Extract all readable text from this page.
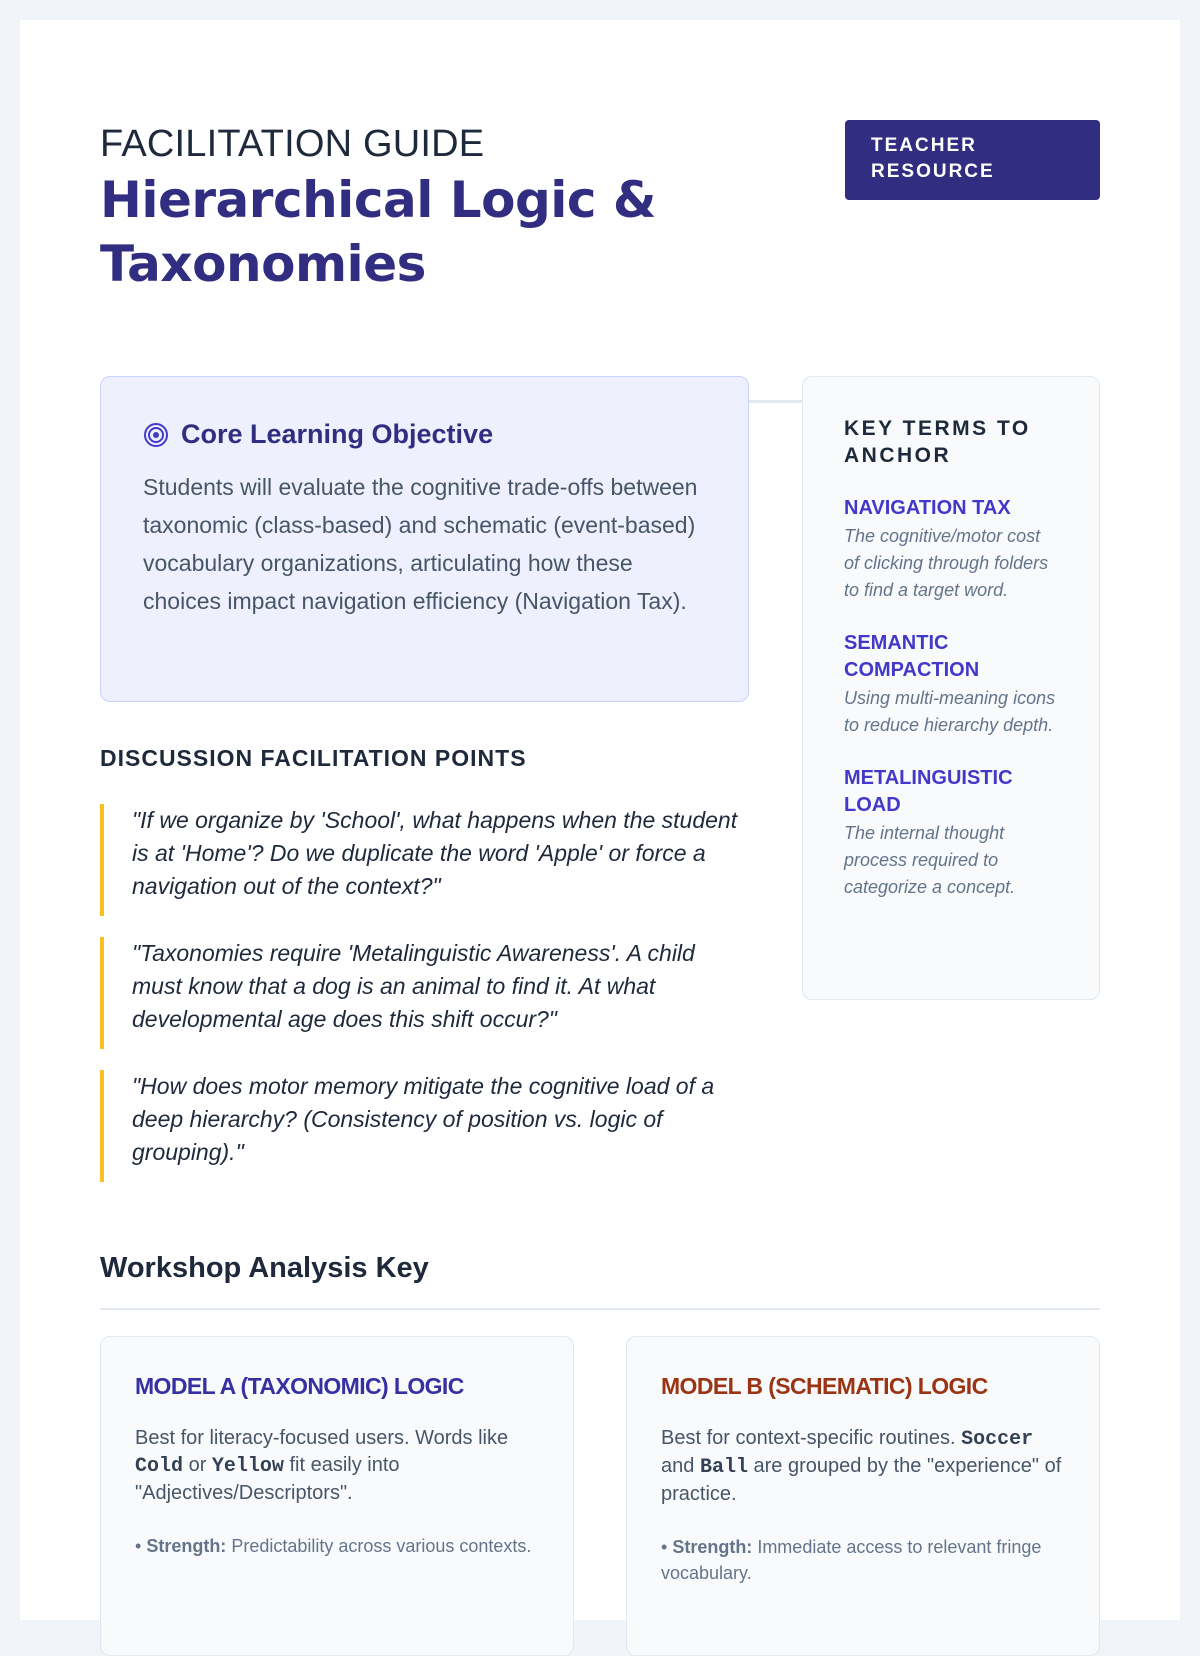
FACILITATION GUIDE
Hierarchical Logic & Taxonomies
TEACHER
RESOURCE
Core Learning Objective
Students will evaluate the cognitive trade-offs between taxonomic (class-based) and schematic (event-based) vocabulary organizations, articulating how these choices impact navigation efficiency (Navigation Tax).
DISCUSSION FACILITATION POINTS
"If we organize by 'School', what happens when the student is at 'Home'? Do we duplicate the word 'Apple' or force a navigation out of the context?"
"Taxonomies require 'Metalinguistic Awareness'. A child must know that a dog is an animal to find it. At what developmental age does this shift occur?"
"How does motor memory mitigate the cognitive load of a deep hierarchy? (Consistency of position vs. logic of grouping)."
KEY TERMS TO ANCHOR
NAVIGATION TAX
The cognitive/motor cost of clicking through folders to find a target word.
SEMANTIC COMPACTION
Using multi-meaning icons to reduce hierarchy depth.
METALINGUISTIC LOAD
The internal thought process required to categorize a concept.
Workshop Analysis Key
MODEL A (TAXONOMIC) LOGIC
Best for literacy-focused users. Words like Cold or Yellow fit easily into "Adjectives/Descriptors".
• Strength: Predictability across various contexts.
MODEL B (SCHEMATIC) LOGIC
Best for context-specific routines. Soccer and Ball are grouped by the "experience" of practice.
• Strength: Immediate access to relevant fringe vocabulary.
